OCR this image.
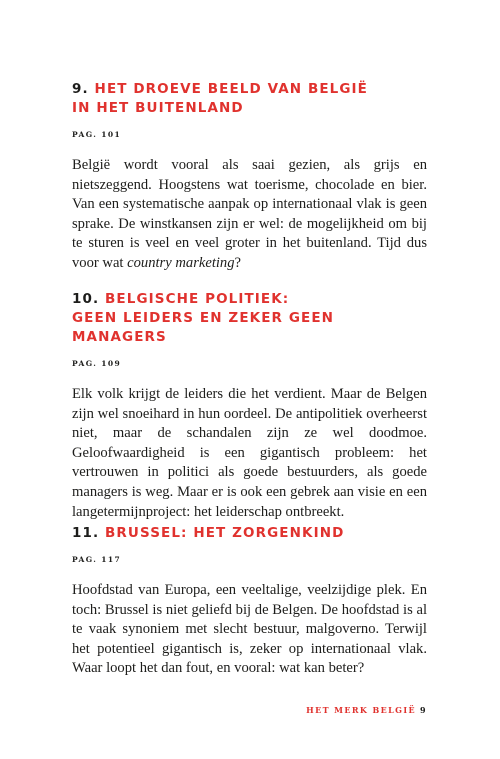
9. HET DROEVE BEELD VAN BELGIË
IN HET BUITENLAND
PAG. 101

België wordt vooral als saai gezien, als grijs en nietszeggend. Hoogstens wat toerisme, chocolade en bier. Van een systematische aanpak op internationaal vlak is geen sprake. De winstkansen zijn er wel: de mogelijkheid om bij te sturen is veel en veel groter in het buitenland. Tijd dus voor wat country marketing?

10. BELGISCHE POLITIEK:
GEEN LEIDERS EN ZEKER GEEN MANAGERS
PAG. 109

Elk volk krijgt de leiders die het verdient. Maar de Belgen zijn wel snoeihard in hun oordeel. De antipolitiek overheerst niet, maar de schandalen zijn ze wel doodmoe. Geloofwaardigheid is een gigantisch probleem: het vertrouwen in politici als goede bestuurders, als goede managers is weg. Maar er is ook een gebrek aan visie en een langetermijnproject: het leiderschap ontbreekt.

11. BRUSSEL: HET ZORGENKIND
PAG. 117

Hoofdstad van Europa, een veeltalige, veelzijdige plek. En toch: Brussel is niet geliefd bij de Belgen. De hoofdstad is al te vaak synoniem met slecht bestuur, malgoverno. Terwijl het potentieel gigantisch is, zeker op internationaal vlak. Waar loopt het dan fout, en vooral: wat kan beter?

HET MERK BELGIË 9
